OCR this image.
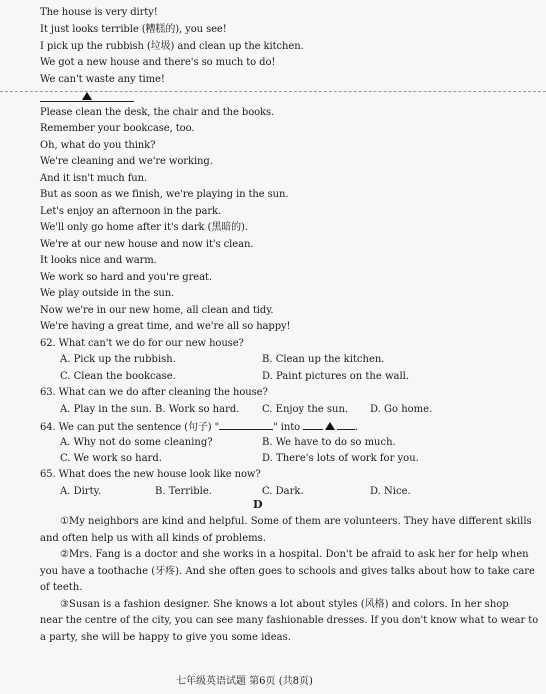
The house is very dirty!
It just looks terrible (糟糕的), you see!
I pick up the rubbish (垃圾) and clean up the kitchen.
We got a new house and there's so much to do!
We can't waste any time!
Please clean the desk, the chair and the books.
Remember your bookcase, too.
Oh, what do you think?
We're cleaning and we're working.
And it isn't much fun.
But as soon as we finish, we're playing in the sun.
Let's enjoy an afternoon in the park.
We'll only go home after it's dark (黑暗的).
We're at our new house and now it's clean.
It looks nice and warm.
We work so hard and you're great.
We play outside in the sun.
Now we're in our new home, all clean and tidy.
We're having a great time, and we're all so happy!
62. What can't we do for our new house?
A. Pick up the rubbish.	B. Clean up the kitchen.
C. Clean the bookcase.	D. Paint pictures on the wall.
63. What can we do after cleaning the house?
A. Play in the sun. B. Work so hard. C. Enjoy the sun. D. Go home.
64. We can put the sentence (句子) "	" into	.
A. Why not do some cleaning?	B. We have to do so much.
C. We work so hard.	D. There's lots of work for you.
65. What does the new house look like now?
A. Dirty.	B. Terrible.	C. Dark.	D. Nice.
D
①My neighbors are kind and helpful. Some of them are volunteers. They have different skills
and often help us with all kinds of problems.
②Mrs. Fang is a doctor and she works in a hospital. Don't be afraid to ask her for help when
you have a toothache (牙疼). And she often goes to schools and gives talks about how to take care
of teeth.
③Susan is a fashion designer. She knows a lot about styles (风格) and colors. In her shop
near the centre of the city, you can see many fashionable dresses. If you don't know what to wear to
a party, she will be happy to give you some ideas.
七年级英语试题 第6页 (共8页)
